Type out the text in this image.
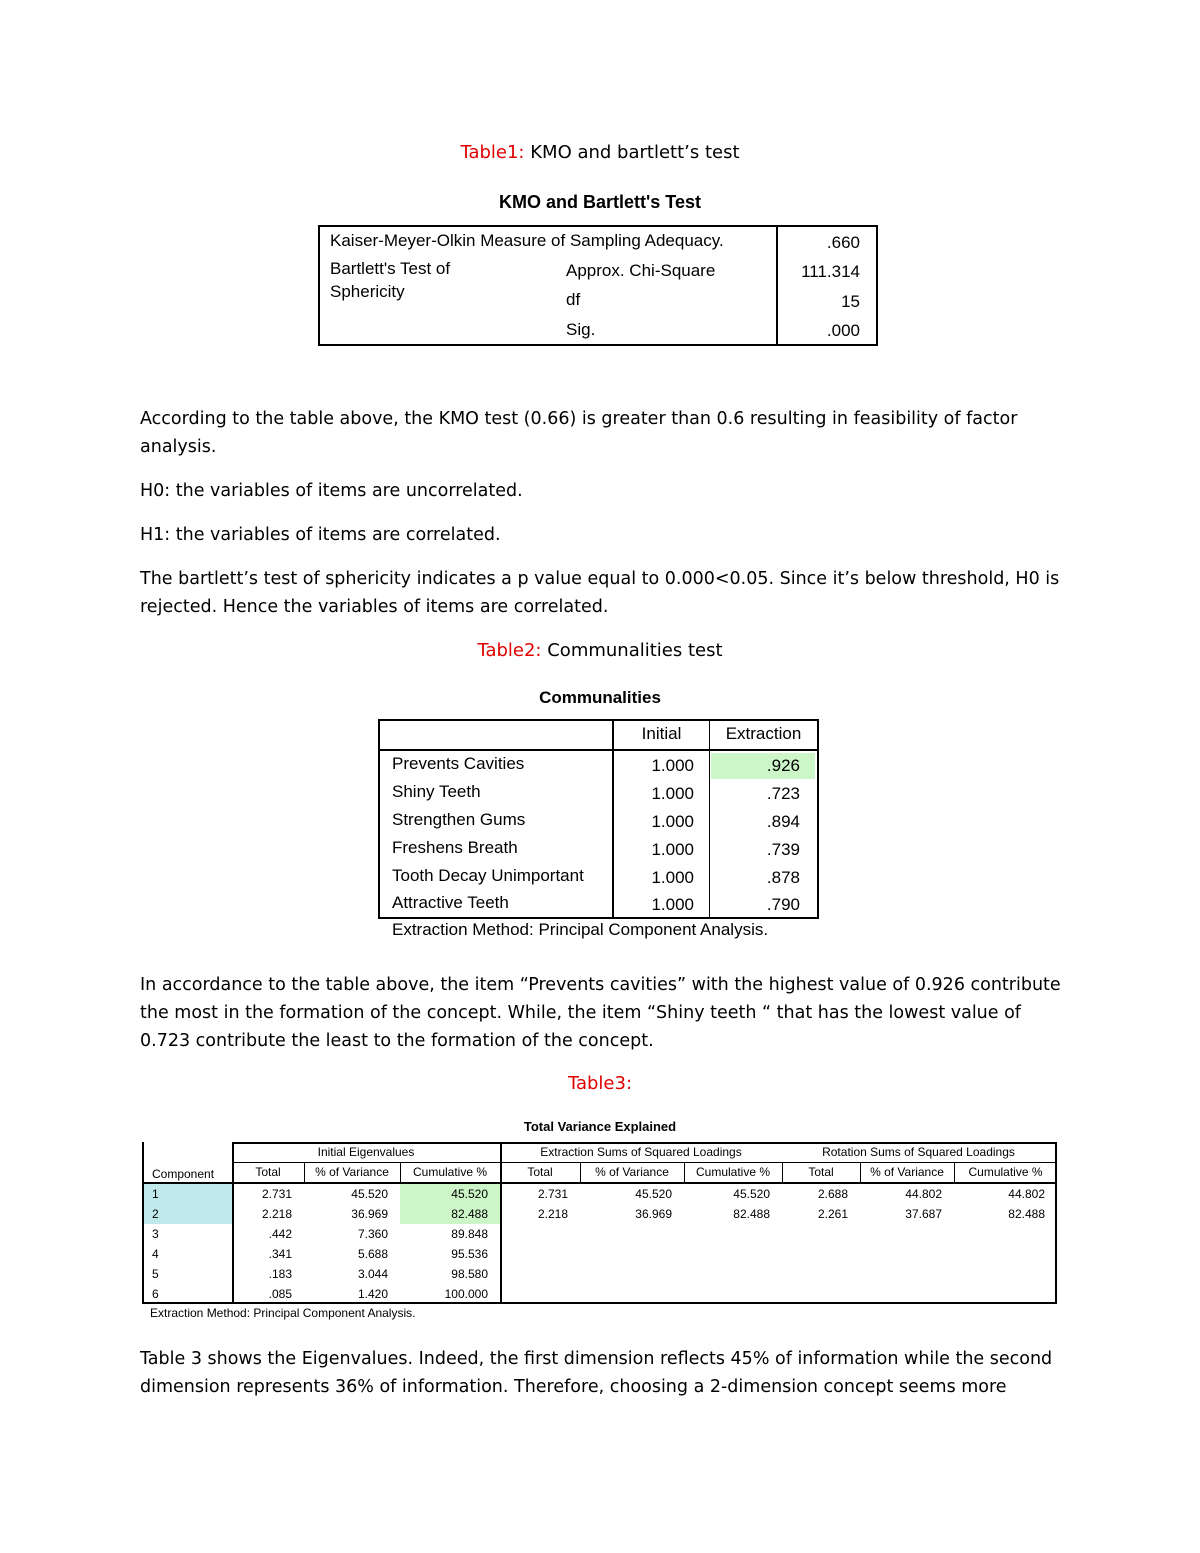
Table1: KMO and bartlett’s test
KMO and Bartlett's Test
Kaiser-Meyer-Olkin Measure of Sampling Adequacy.	.660
Bartlett's Test of
Sphericity
Approx. Chi-Square	111.314
df	15
Sig.	.000
According to the table above, the KMO test (0.66) is greater than 0.6 resulting in feasibility of factor
analysis.
H0: the variables of items are uncorrelated.
H1: the variables of items are correlated.
The bartlett’s test of sphericity indicates a p value equal to 0.000<0.05. Since it’s below threshold, H0 is
rejected. Hence the variables of items are correlated.
Table2: Communalities test
Communalities
Initial	Extraction
Prevents Cavities	1.000	.926
Shiny Teeth	1.000	.723
Strengthen Gums	1.000	.894
Freshens Breath	1.000	.739
Tooth Decay Unimportant	1.000	.878
Attractive Teeth	1.000	.790
Extraction Method: Principal Component Analysis.
In accordance to the table above, the item “Prevents cavities” with the highest value of 0.926 contribute
the most in the formation of the concept. While, the item “Shiny teeth “ that has the lowest value of
0.723 contribute the least to the formation of the concept.
Table3:
Total Variance Explained
Initial Eigenvalues	Extraction Sums of Squared Loadings	Rotation Sums of Squared Loadings
Component	Total	% of Variance	Cumulative %	Total	% of Variance	Cumulative %	Total	% of Variance	Cumulative %
1	2.731	45.520	45.520	2.731	45.520	45.520	2.688	44.802	44.802
2	2.218	36.969	82.488	2.218	36.969	82.488	2.261	37.687	82.488
3	.442	7.360	89.848
4	.341	5.688	95.536
5	.183	3.044	98.580
6	.085	1.420	100.000
Extraction Method: Principal Component Analysis.
Table 3 shows the Eigenvalues. Indeed, the first dimension reflects 45% of information while the second
dimension represents 36% of information. Therefore, choosing a 2-dimension concept seems more
